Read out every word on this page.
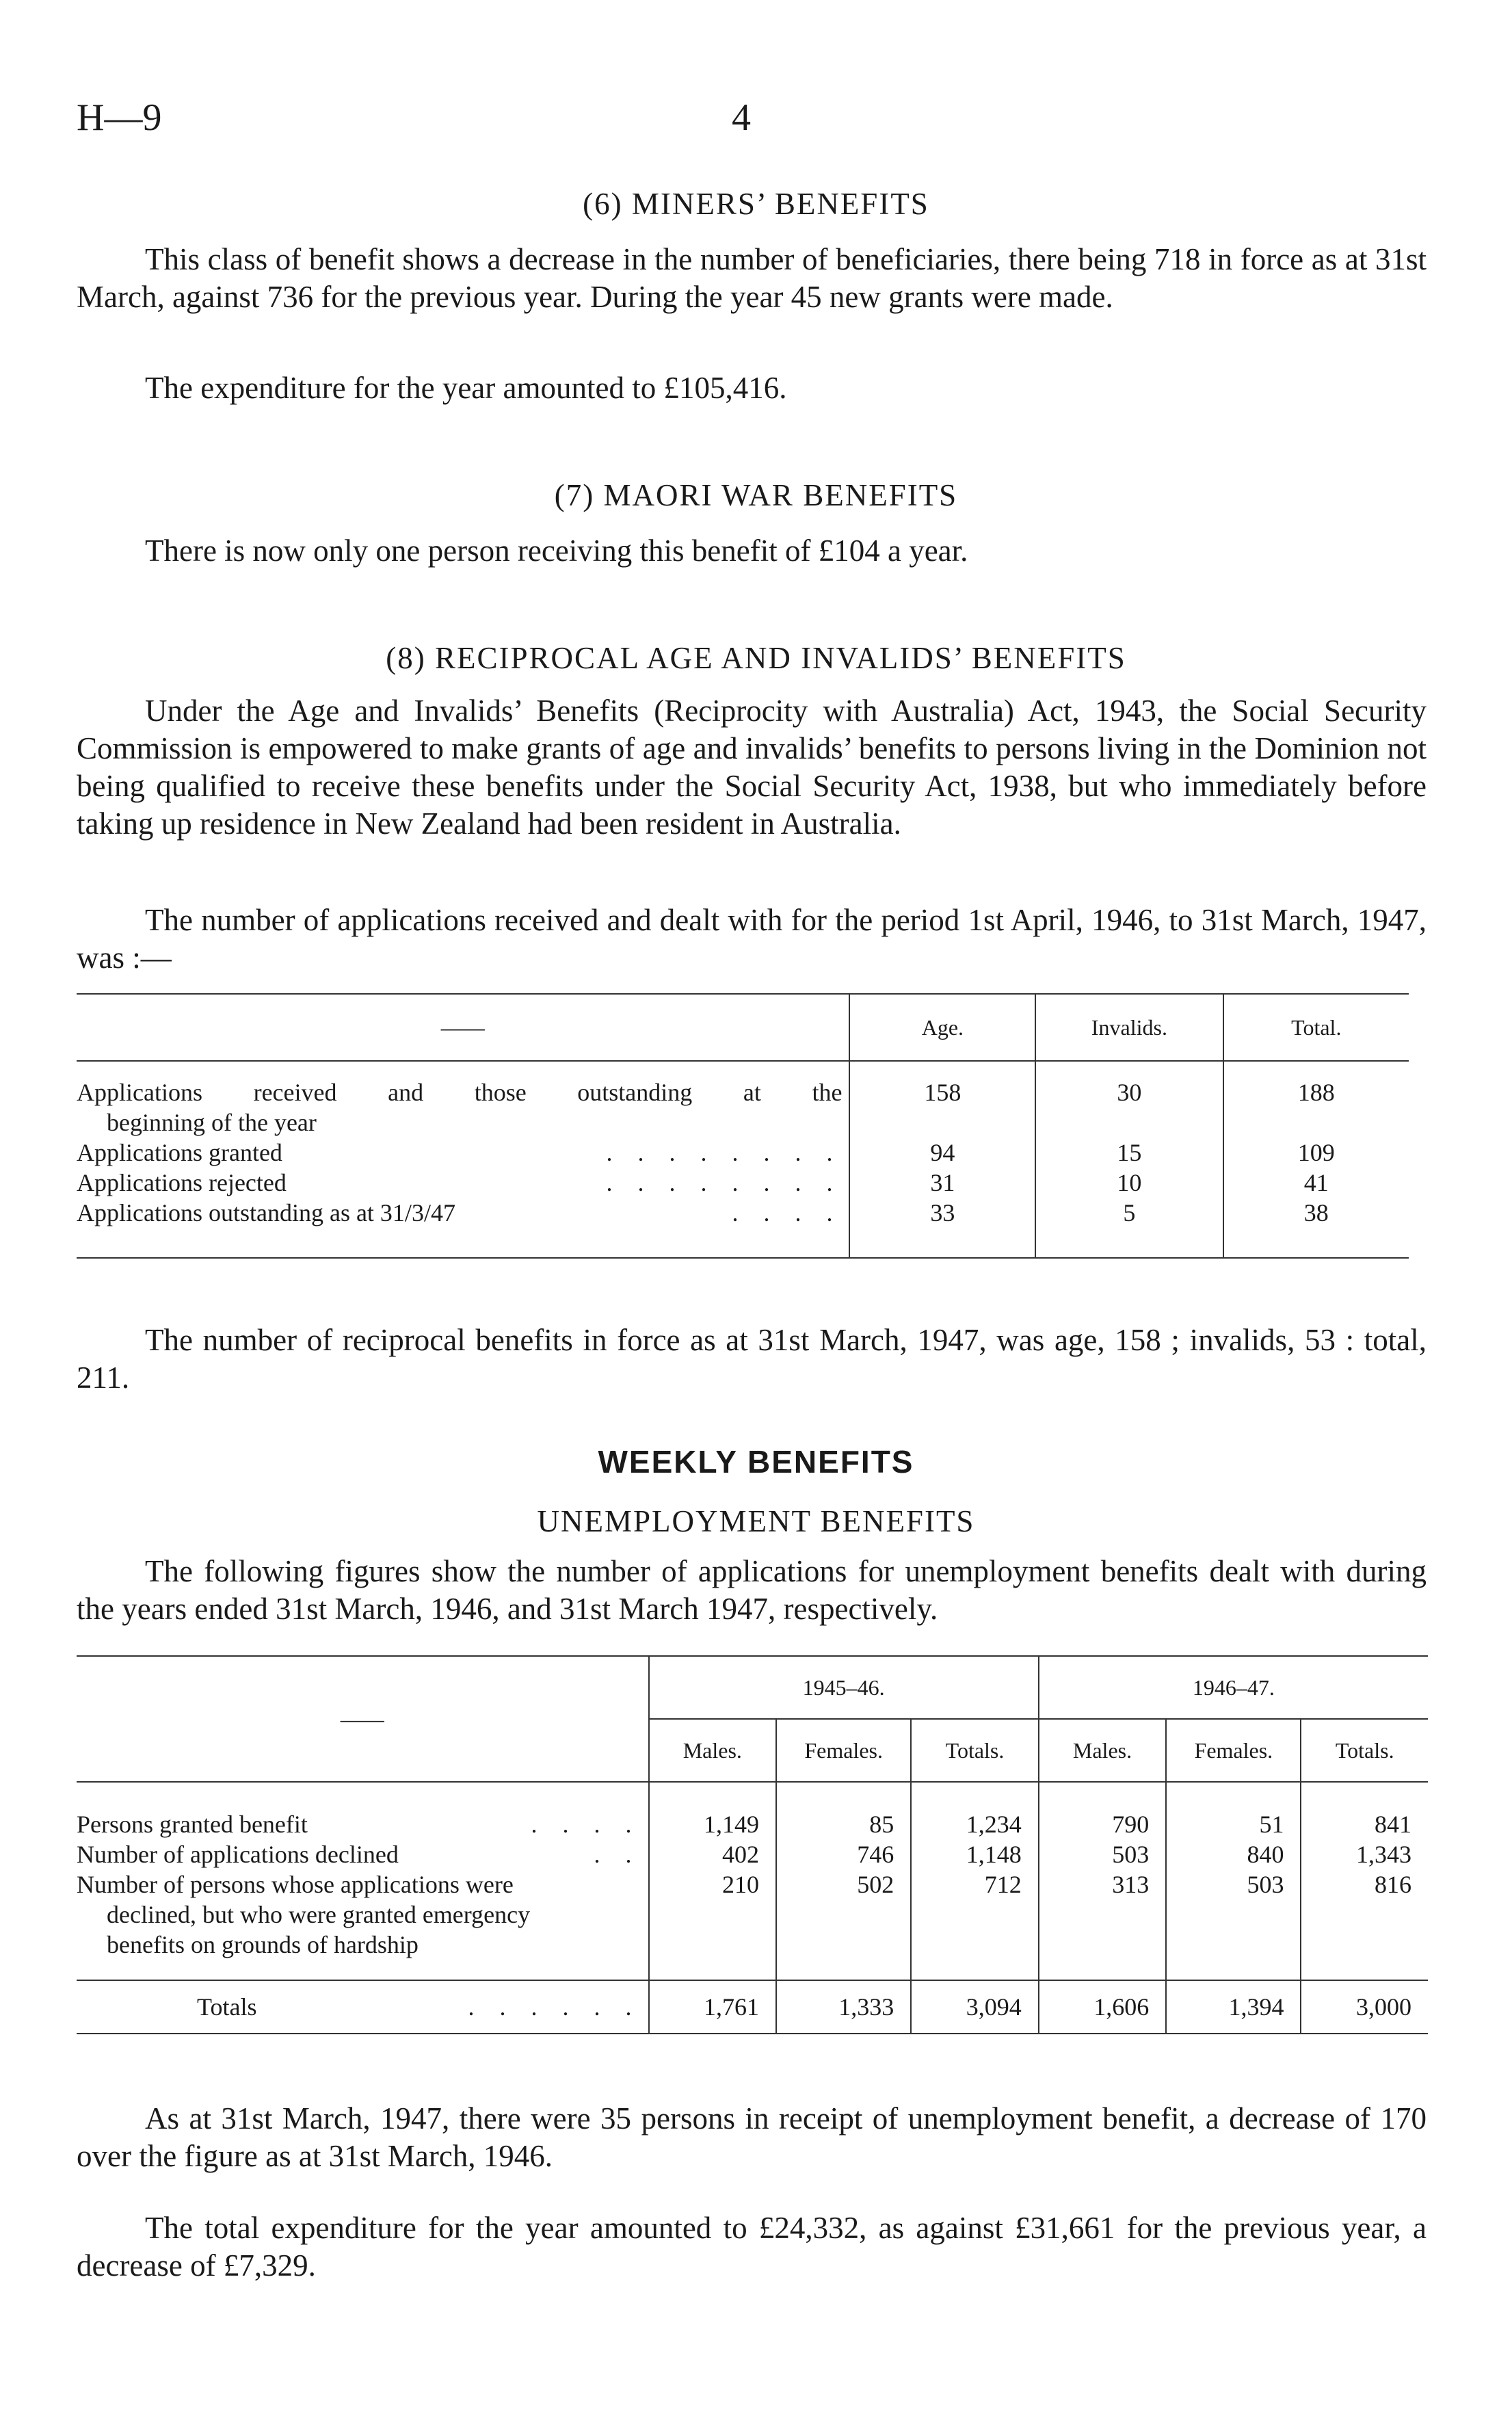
H—9	4
(6) MINERS’ BENEFITS
This class of benefit shows a decrease in the number of beneficiaries, there being 718 in force as at 31st March, against 736 for the previous year. During the year 45 new grants were made.
The expenditure for the year amounted to £105,416.
(7) MAORI WAR BENEFITS
There is now only one person receiving this benefit of £104 a year.
(8) RECIPROCAL AGE AND INVALIDS’ BENEFITS
Under the Age and Invalids’ Benefits (Reciprocity with Australia) Act, 1943, the Social Security Commission is empowered to make grants of age and invalids’ benefits to persons living in the Dominion not being qualified to receive these benefits under the Social Security Act, 1938, but who immediately before taking up residence in New Zealand had been resident in Australia.
The number of applications received and dealt with for the period 1st April, 1946, to 31st March, 1947, was :—
——	Age.	Invalids.	Total.

Applications received and those outstanding at the
beginning of the year	158	30	188
Applications granted . . . . . . . .	94	15	109
Applications rejected . . . . . . . .	31	10	41
Applications outstanding as at 31/3/47 . . . .	33	5	38

The number of reciprocal benefits in force as at 31st March, 1947, was age, 158 ; invalids, 53 : total, 211.
WEEKLY BENEFITS
UNEMPLOYMENT BENEFITS
The following figures show the number of applications for unemployment benefits dealt with during the years ended 31st March, 1946, and 31st March 1947, respectively.
——	1945–46.			1946–47.		
	Males.	Females.	Totals.	Males.	Females.	Totals.

Persons granted benefit . . . .	1,149	85	1,234	790	51	841
Number of applications declined . .	402	746	1,148	503	840	1,343

Number of persons whose applications were
declined, but who were granted emergency
benefits on grounds of hardship	210	502	712	313	503	816

Totals . . . . . .	1,761	1,333	3,094	1,606	1,394	3,000
As at 31st March, 1947, there were 35 persons in receipt of unemployment benefit, a decrease of 170 over the figure as at 31st March, 1946.
The total expenditure for the year amounted to £24,332, as against £31,661 for the previous year, a decrease of £7,329.
